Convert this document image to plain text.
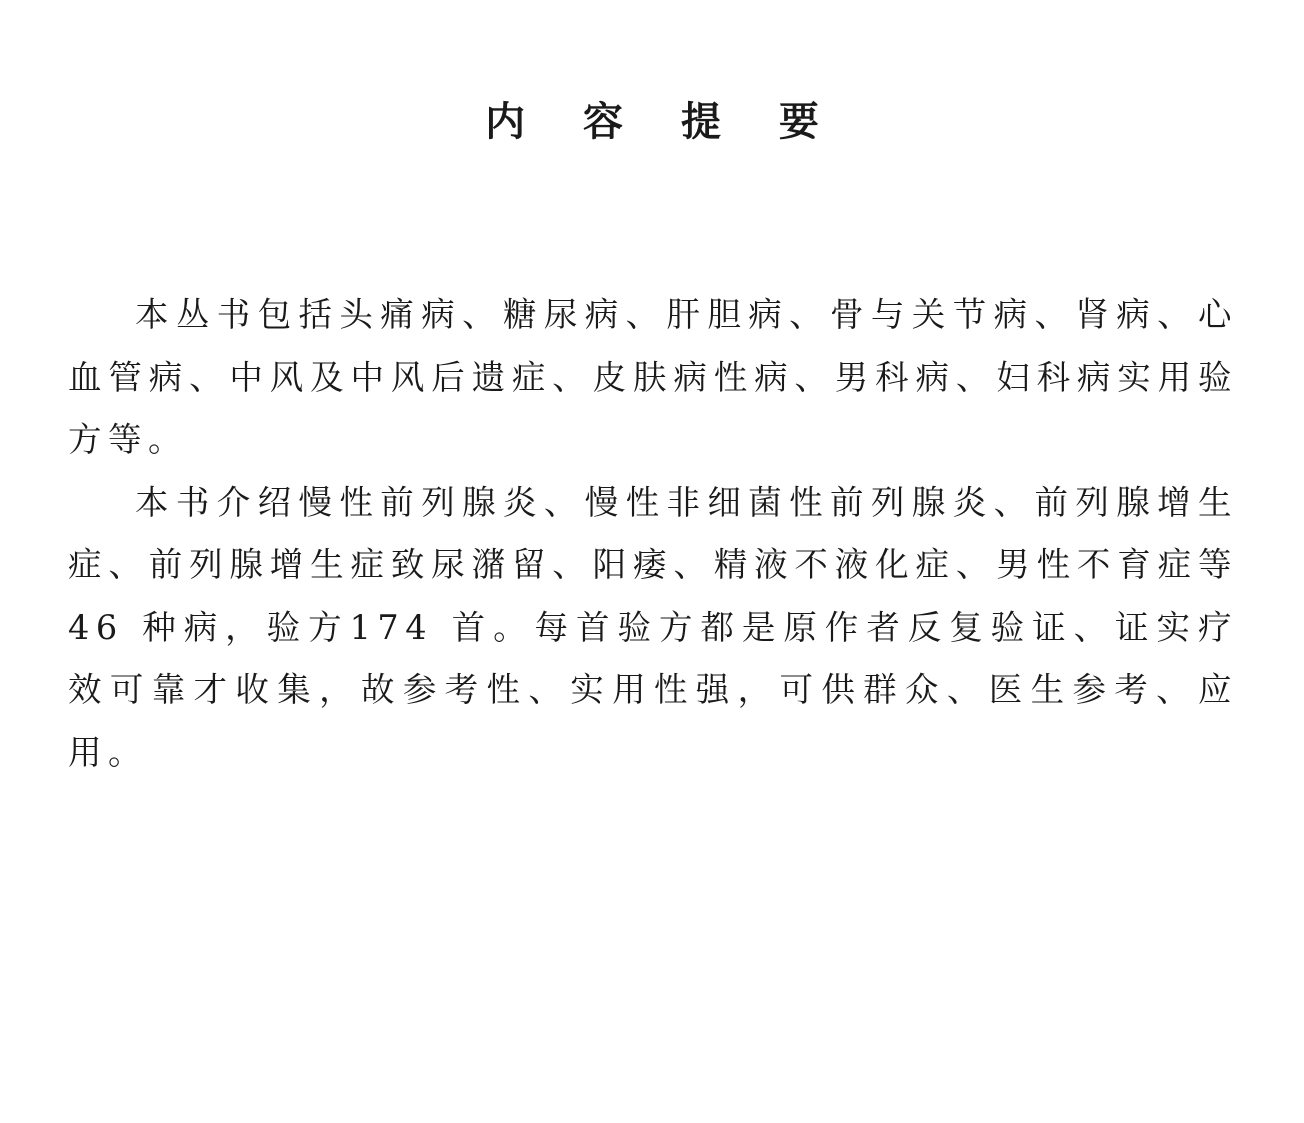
内 容 提 要

本丛书包括头痛病、糖尿病、肝胆病、骨与关节病、肾病、心血管病、中风及中风后遗症、皮肤病性病、男科病、妇科病实用验方等。

本书介绍慢性前列腺炎、慢性非细菌性前列腺炎、前列腺增生症、前列腺增生症致尿潴留、阳痿、精液不液化症、男性不育症等46 种病，验方174 首。每首验方都是原作者反复验证、证实疗效可靠才收集，故参考性、实用性强，可供群众、医生参考、应用。
